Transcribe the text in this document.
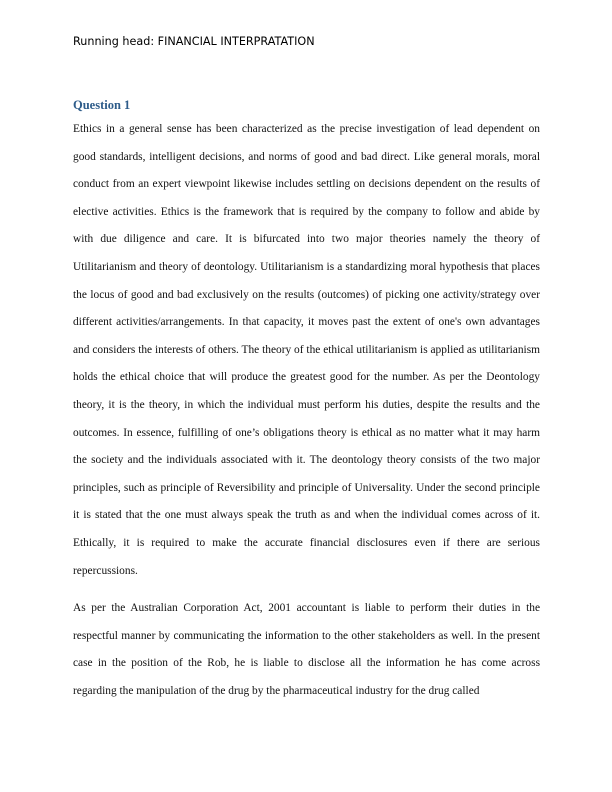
Running head: FINANCIAL INTERPRATATION
Question 1

Ethics in a general sense has been characterized as the precise investigation of lead dependent on good standards, intelligent decisions, and norms of good and bad direct. Like general morals, moral conduct from an expert viewpoint likewise includes settling on decisions dependent on the results of elective activities. Ethics is the framework that is required by the company to follow and abide by with due diligence and care. It is bifurcated into two major theories namely the theory of Utilitarianism and theory of deontology. Utilitarianism is a standardizing moral hypothesis that places the locus of good and bad exclusively on the results (outcomes) of picking one activity/strategy over different activities/arrangements. In that capacity, it moves past the extent of one's own advantages and considers the interests of others. The theory of the ethical utilitarianism is applied as utilitarianism holds the ethical choice that will produce the greatest good for the number. As per the Deontology theory, it is the theory, in which the individual must perform his duties, despite the results and the outcomes. In essence, fulfilling of one’s obligations theory is ethical as no matter what it may harm the society and the individuals associated with it. The deontology theory consists of the two major principles, such as principle of Reversibility and principle of Universality. Under the second principle it is stated that the one must always speak the truth as and when the individual comes across of it. Ethically, it is required to make the accurate financial disclosures even if there are serious repercussions.

As per the Australian Corporation Act, 2001 accountant is liable to perform their duties in the respectful manner by communicating the information to the other stakeholders as well. In the present case in the position of the Rob, he is liable to disclose all the information he has come across regarding the manipulation of the drug by the pharmaceutical industry for the drug called
